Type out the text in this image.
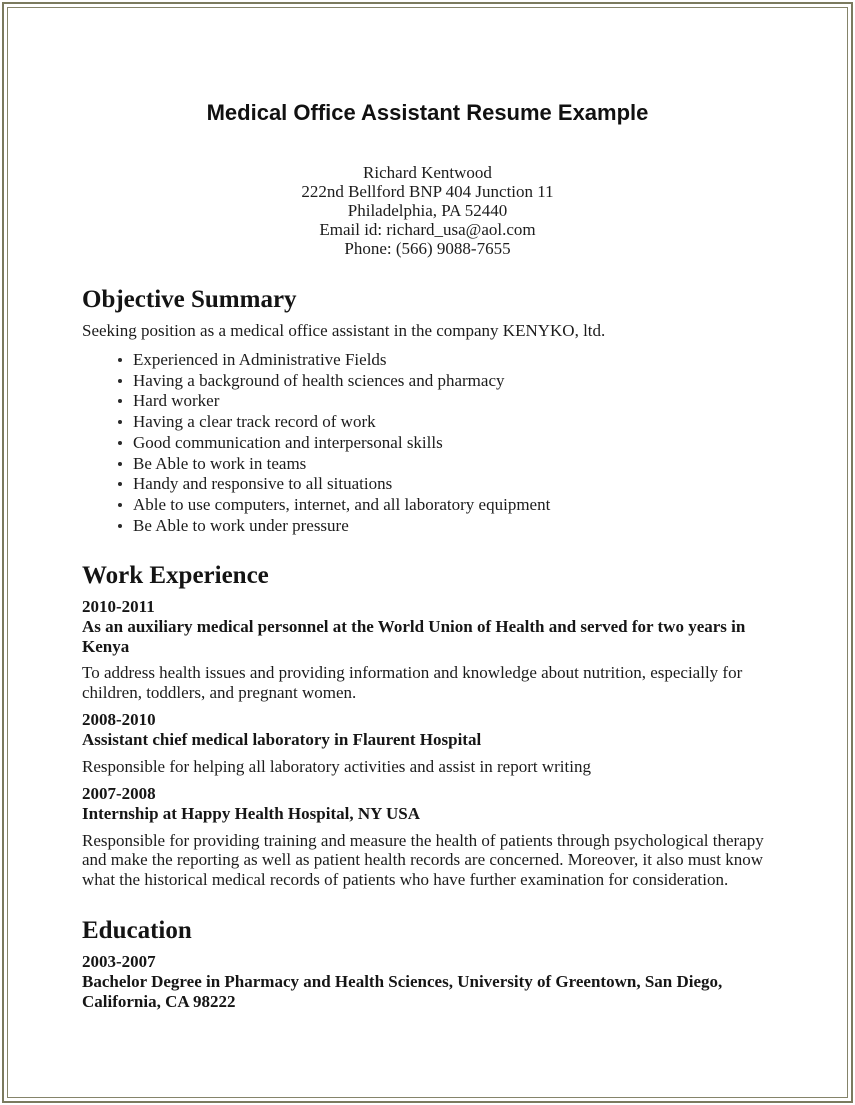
Medical Office Assistant Resume Example
Richard Kentwood
222nd Bellford BNP 404 Junction 11
Philadelphia, PA 52440
Email id: richard_usa@aol.com
Phone: (566) 9088-7655
Objective Summary
Seeking position as a medical office assistant in the company KENYKO, ltd.
Experienced in Administrative Fields
Having a background of health sciences and pharmacy
Hard worker
Having a clear track record of work
Good communication and interpersonal skills
Be Able to work in teams
Handy and responsive to all situations
Able to use computers, internet, and all laboratory equipment
Be Able to work under pressure
Work Experience
2010-2011
As an auxiliary medical personnel at the World Union of Health and served for two years in Kenya
To address health issues and providing information and knowledge about nutrition, especially for children, toddlers, and pregnant women.
2008-2010
Assistant chief medical laboratory in Flaurent Hospital
Responsible for helping all laboratory activities and assist in report writing
2007-2008
Internship at Happy Health Hospital, NY USA
Responsible for providing training and measure the health of patients through psychological therapy and make the reporting as well as patient health records are concerned. Moreover, it also must know what the historical medical records of patients who have further examination for consideration.
Education
2003-2007
Bachelor Degree in Pharmacy and Health Sciences, University of Greentown, San Diego, California, CA 98222
